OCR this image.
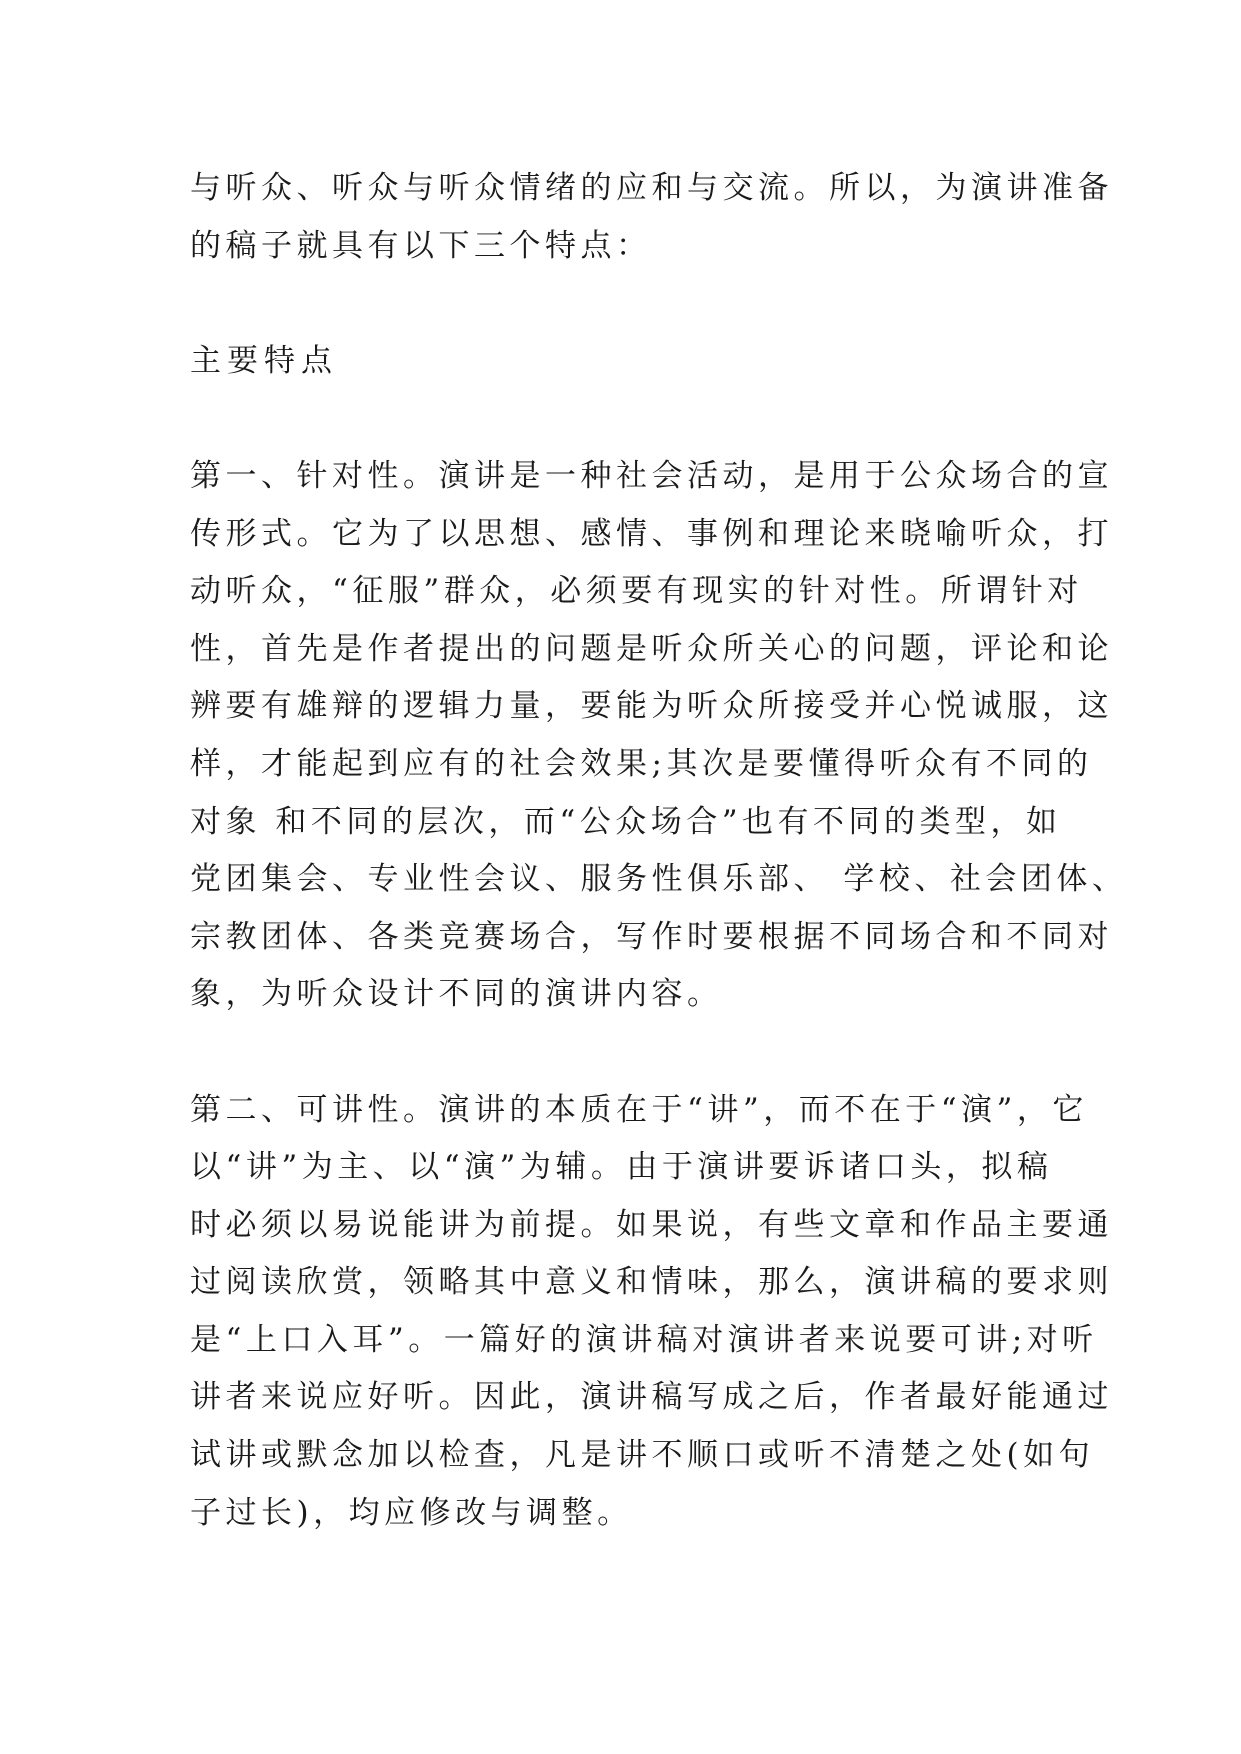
与听众、听众与听众情绪的应和与交流。所以，为演讲准备
的稿子就具有以下三个特点：
主要特点
第一、针对性。演讲是一种社会活动，是用于公众场合的宣
传形式。它为了以思想、感情、事例和理论来晓喻听众，打
动听众，“征服”群众，必须要有现实的针对性。所谓针对
性，首先是作者提出的问题是听众所关心的问题，评论和论
辨要有雄辩的逻辑力量，要能为听众所接受并心悦诚服，这
样，才能起到应有的社会效果;其次是要懂得听众有不同的
对象 和不同的层次，而“公众场合”也有不同的类型，如
党团集会、专业性会议、服务性俱乐部、 学校、社会团体、
宗教团体、各类竞赛场合，写作时要根据不同场合和不同对
象，为听众设计不同的演讲内容。
第二、可讲性。演讲的本质在于“讲”，而不在于“演”，它
以“讲”为主、以“演”为辅。由于演讲要诉诸口头，拟稿
时必须以易说能讲为前提。如果说，有些文章和作品主要通
过阅读欣赏，领略其中意义和情味，那么，演讲稿的要求则
是“上口入耳”。一篇好的演讲稿对演讲者来说要可讲;对听
讲者来说应好听。因此，演讲稿写成之后，作者最好能通过
试讲或默念加以检查，凡是讲不顺口或听不清楚之处(如句
子过长)，均应修改与调整。
